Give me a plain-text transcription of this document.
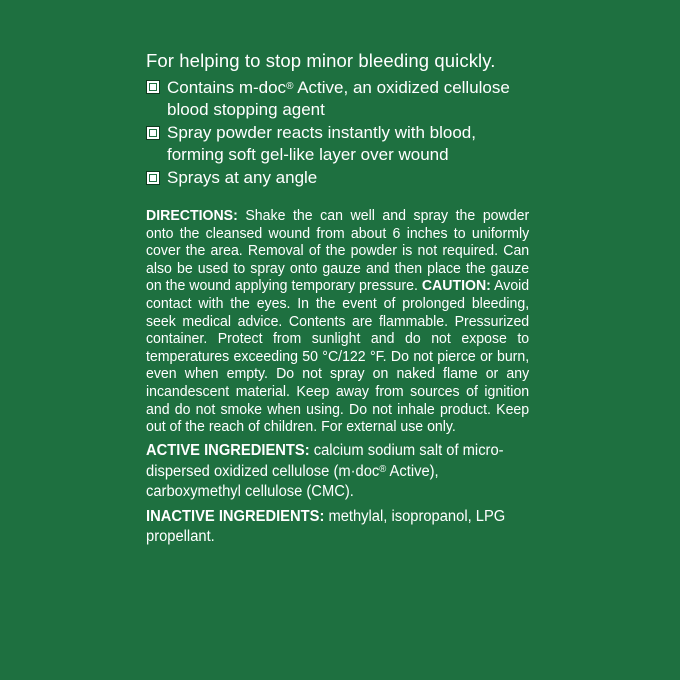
For helping to stop minor bleeding quickly.
Contains m-doc® Active, an oxidized cellulose blood stopping agent
Spray powder reacts instantly with blood, forming soft gel-like layer over wound
Sprays at any angle

DIRECTIONS: Shake the can well and spray the powder onto the cleansed wound from about 6 inches to uniformly cover the area. Removal of the powder is not required. Can also be used to spray onto gauze and then place the gauze on the wound applying temporary pressure. CAUTION: Avoid contact with the eyes. In the event of prolonged bleeding, seek medical advice. Contents are flammable. Pressurized container. Protect from sunlight and do not expose to temperatures exceeding 50 °C/122 °F. Do not pierce or burn, even when empty. Do not spray on naked flame or any incandescent material. Keep away from sources of ignition and do not smoke when using. Do not inhale product. Keep out of the reach of children. For external use only.

ACTIVE INGREDIENTS: calcium sodium salt of micro-dispersed oxidized cellulose (m·doc® Active), carboxymethyl cellulose (CMC).

INACTIVE INGREDIENTS: methylal, isopropanol, LPG propellant.
